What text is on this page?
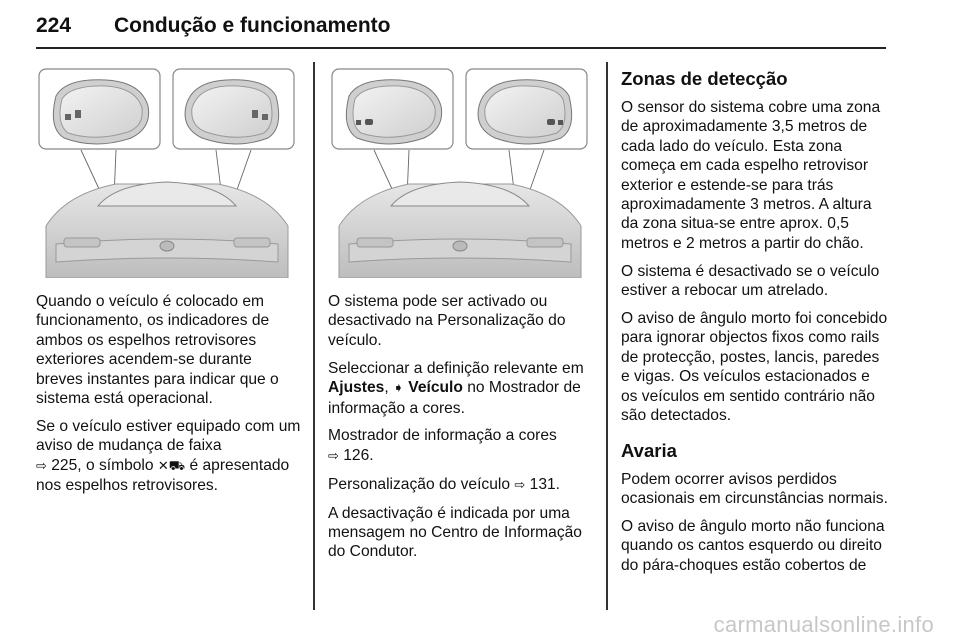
224 Condução e funcionamento

Quando o veículo é colocado em funcionamento, os indicadores de ambos os espelhos retrovisores exteriores acendem-se durante breves instantes para indicar que o sistema está operacional.

Se o veículo estiver equipado com um aviso de mudança de faixa
⇨ 225, o símbolo ✕⛟ é apresentado nos espelhos retrovisores.

O sistema pode ser activado ou desactivado na Personalização do veículo.

Seleccionar a definição relevante em Ajustes, ➧ Veículo no Mostrador de informação a cores.

Mostrador de informação a cores
⇨ 126.

Personalização do veículo ⇨ 131.

A desactivação é indicada por uma mensagem no Centro de Informação do Condutor.

Zonas de detecção

O sensor do sistema cobre uma zona de aproximadamente 3,5 metros de cada lado do veículo. Esta zona começa em cada espelho retrovisor exterior e estende-se para trás aproximadamente 3 metros. A altura da zona situa-se entre aprox. 0,5 metros e 2 metros a partir do chão.

O sistema é desactivado se o veículo estiver a rebocar um atrelado.

O aviso de ângulo morto foi concebido para ignorar objectos fixos como rails de protecção, postes, lancis, paredes e vigas. Os veículos estacionados e os veículos em sentido contrário não são detectados.

Avaria

Podem ocorrer avisos perdidos ocasionais em circunstâncias normais.

O aviso de ângulo morto não funciona quando os cantos esquerdo ou direito do pára-choques estão cobertos de

carmanualsonline.info
